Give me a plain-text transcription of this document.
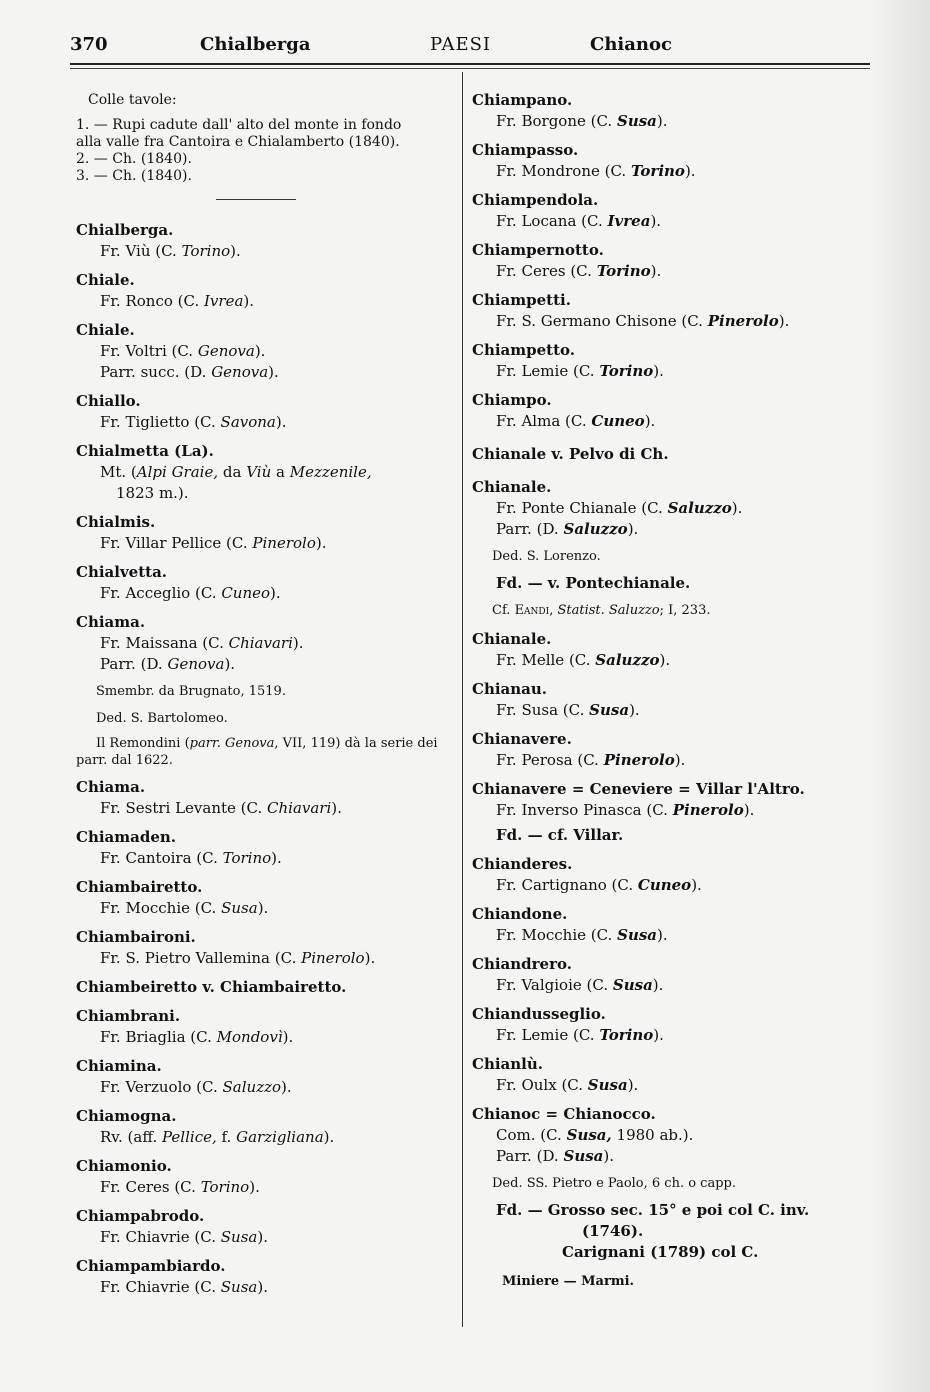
370	Chialberga	PAESI	Chianoc
Colle tavole:
1. — Rupi cadute dall' alto del monte in fondo
alla valle fra Cantoira e Chialamberto (1840).
2. — Ch. (1840).
3. — Ch. (1840).
Chialberga.
Fr. Viù (C. Torino).
Chiale.
Fr. Ronco (C. Ivrea).
Chiale.
Fr. Voltri (C. Genova).
Parr. succ. (D. Genova).
Chiallo.
Fr. Tiglietto (C. Savona).
Chialmetta (La).
Mt. (Alpi Graie, da Viù a Mezzenile,
1823 m.).
Chialmis.
Fr. Villar Pellice (C. Pinerolo).
Chialvetta.
Fr. Acceglio (C. Cuneo).
Chiama.
Fr. Maissana (C. Chiavari).
Parr. (D. Genova).
Smembr. da Brugnato, 1519.
Ded. S. Bartolomeo.
Il Remondini (parr. Genova, VII, 119) dà la serie dei parr. dal 1622.
Chiama.
Fr. Sestri Levante (C. Chiavari).
Chiamaden.
Fr. Cantoira (C. Torino).
Chiambairetto.
Fr. Mocchie (C. Susa).
Chiambaironi.
Fr. S. Pietro Vallemina (C. Pinerolo).
Chiambeiretto v. Chiambairetto.
Chiambrani.
Fr. Briaglia (C. Mondovì).
Chiamina.
Fr. Verzuolo (C. Saluzzo).
Chiamogna.
Rv. (aff. Pellice, f. Garzigliana).
Chiamonio.
Fr. Ceres (C. Torino).
Chiampabrodo.
Fr. Chiavrie (C. Susa).
Chiampambiardo.
Fr. Chiavrie (C. Susa).
Chiampano.
Fr. Borgone (C. Susa).
Chiampasso.
Fr. Mondrone (C. Torino).
Chiampendola.
Fr. Locana (C. Ivrea).
Chiampernotto.
Fr. Ceres (C. Torino).
Chiampetti.
Fr. S. Germano Chisone (C. Pinerolo).
Chiampetto.
Fr. Lemie (C. Torino).
Chiampo.
Fr. Alma (C. Cuneo).
Chianale v. Pelvo di Ch.
Chianale.
Fr. Ponte Chianale (C. Saluzzo).
Parr. (D. Saluzzo).
Ded. S. Lorenzo.
Fd. — v. Pontechianale.
Cf. Eandi, Statist. Saluzzo; I, 233.
Chianale.
Fr. Melle (C. Saluzzo).
Chianau.
Fr. Susa (C. Susa).
Chianavere.
Fr. Perosa (C. Pinerolo).
Chianavere = Ceneviere = Villar l'Altro.
Fr. Inverso Pinasca (C. Pinerolo).
Fd. — cf. Villar.
Chianderes.
Fr. Cartignano (C. Cuneo).
Chiandone.
Fr. Mocchie (C. Susa).
Chiandrero.
Fr. Valgioie (C. Susa).
Chiandusseglio.
Fr. Lemie (C. Torino).
Chianlù.
Fr. Oulx (C. Susa).
Chianoc = Chianocco.
Com. (C. Susa, 1980 ab.).
Parr. (D. Susa).
Ded. SS. Pietro e Paolo, 6 ch. o capp.
Fd. — Grosso sec. 15° e poi col C. inv.
(1746).
Carignani (1789) col C.
Miniere — Marmi.
